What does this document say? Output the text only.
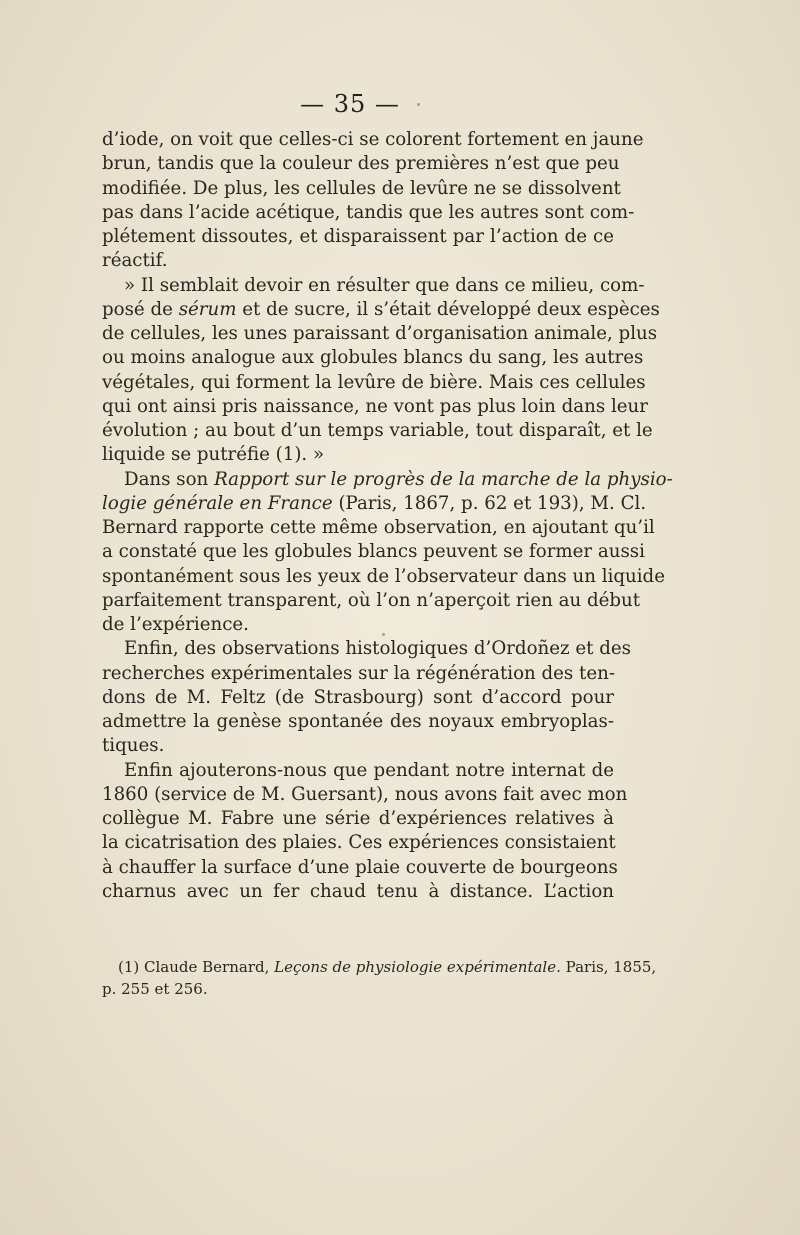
— 35 —

d’iode, on voit que celles-ci se colorent fortement en jaune
brun, tandis que la couleur des premières n’est que peu
modifiée. De plus, les cellules de levûre ne se dissolvent
pas dans l’acide acétique, tandis que les autres sont com-
plétement dissoutes, et disparaissent par l’action de ce
réactif.

» Il semblait devoir en résulter que dans ce milieu, com-
posé de sérum et de sucre, il s’était développé deux espèces
de cellules, les unes paraissant d’organisation animale, plus
ou moins analogue aux globules blancs du sang, les autres
végétales, qui forment la levûre de bière. Mais ces cellules
qui ont ainsi pris naissance, ne vont pas plus loin dans leur
évolution ; au bout d’un temps variable, tout disparaît, et le
liquide se putréfie (1). »

Dans son Rapport sur le progrès de la marche de la physio-
logie générale en France (Paris, 1867, p. 62 et 193), M. Cl.
Bernard rapporte cette même observation, en ajoutant qu’il
a constaté que les globules blancs peuvent se former aussi
spontanément sous les yeux de l’observateur dans un liquide
parfaitement transparent, où l’on n’aperçoit rien au début
de l’expérience.

Enfin, des observations histologiques d’Ordoñez et des
recherches expérimentales sur la régénération des ten-
dons de M. Feltz (de Strasbourg) sont d’accord pour
admettre la genèse spontanée des noyaux embryoplas-
tiques.

Enfin ajouterons-nous que pendant notre internat de
1860 (service de M. Guersant), nous avons fait avec mon
collègue M. Fabre une série d’expériences relatives à
la cicatrisation des plaies. Ces expériences consistaient
à chauffer la surface d’une plaie couverte de bourgeons
charnus avec un fer chaud tenu à distance. L’action

(1) Claude Bernard, Leçons de physiologie expérimentale. Paris, 1855,
p. 255 et 256.
